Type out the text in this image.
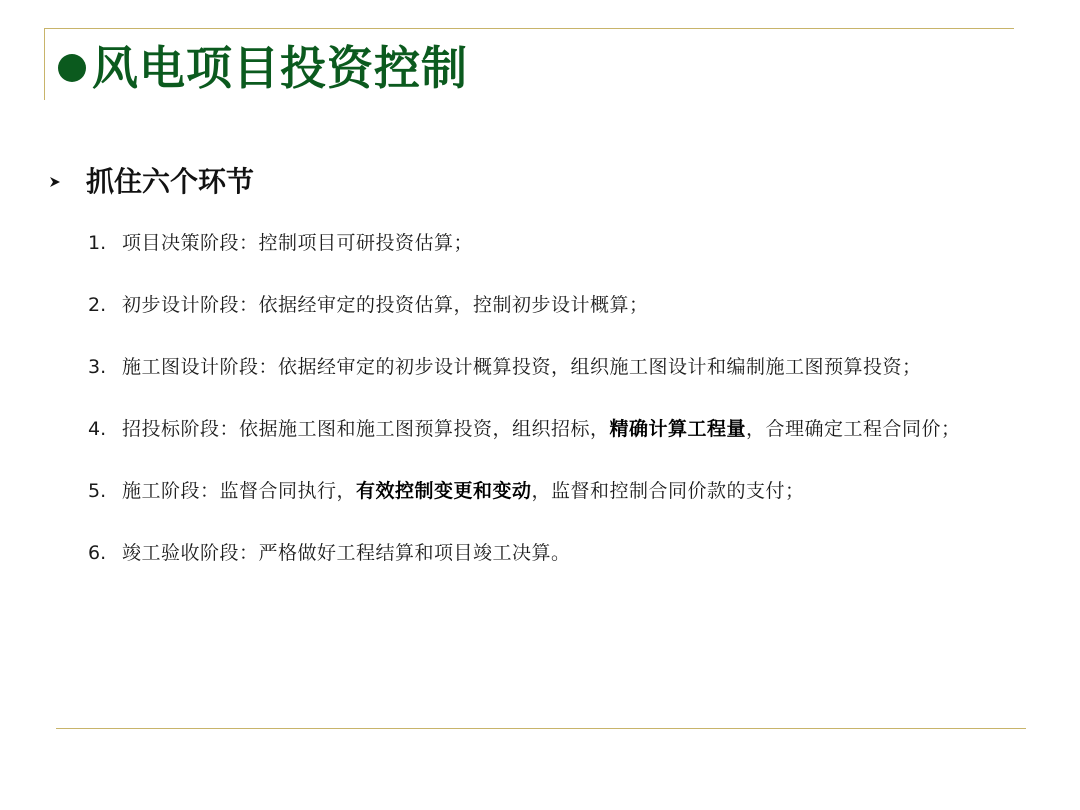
风电项目投资控制
抓住六个环节
1. 项目决策阶段：控制项目可研投资估算；
2. 初步设计阶段：依据经审定的投资估算，控制初步设计概算；
3. 施工图设计阶段：依据经审定的初步设计概算投资，组织施工图设计和编制施工图预算投资；
4. 招投标阶段：依据施工图和施工图预算投资，组织招标，精确计算工程量，合理确定工程合同价；
5. 施工阶段：监督合同执行，有效控制变更和变动，监督和控制合同价款的支付；
6. 竣工验收阶段：严格做好工程结算和项目竣工决算。
